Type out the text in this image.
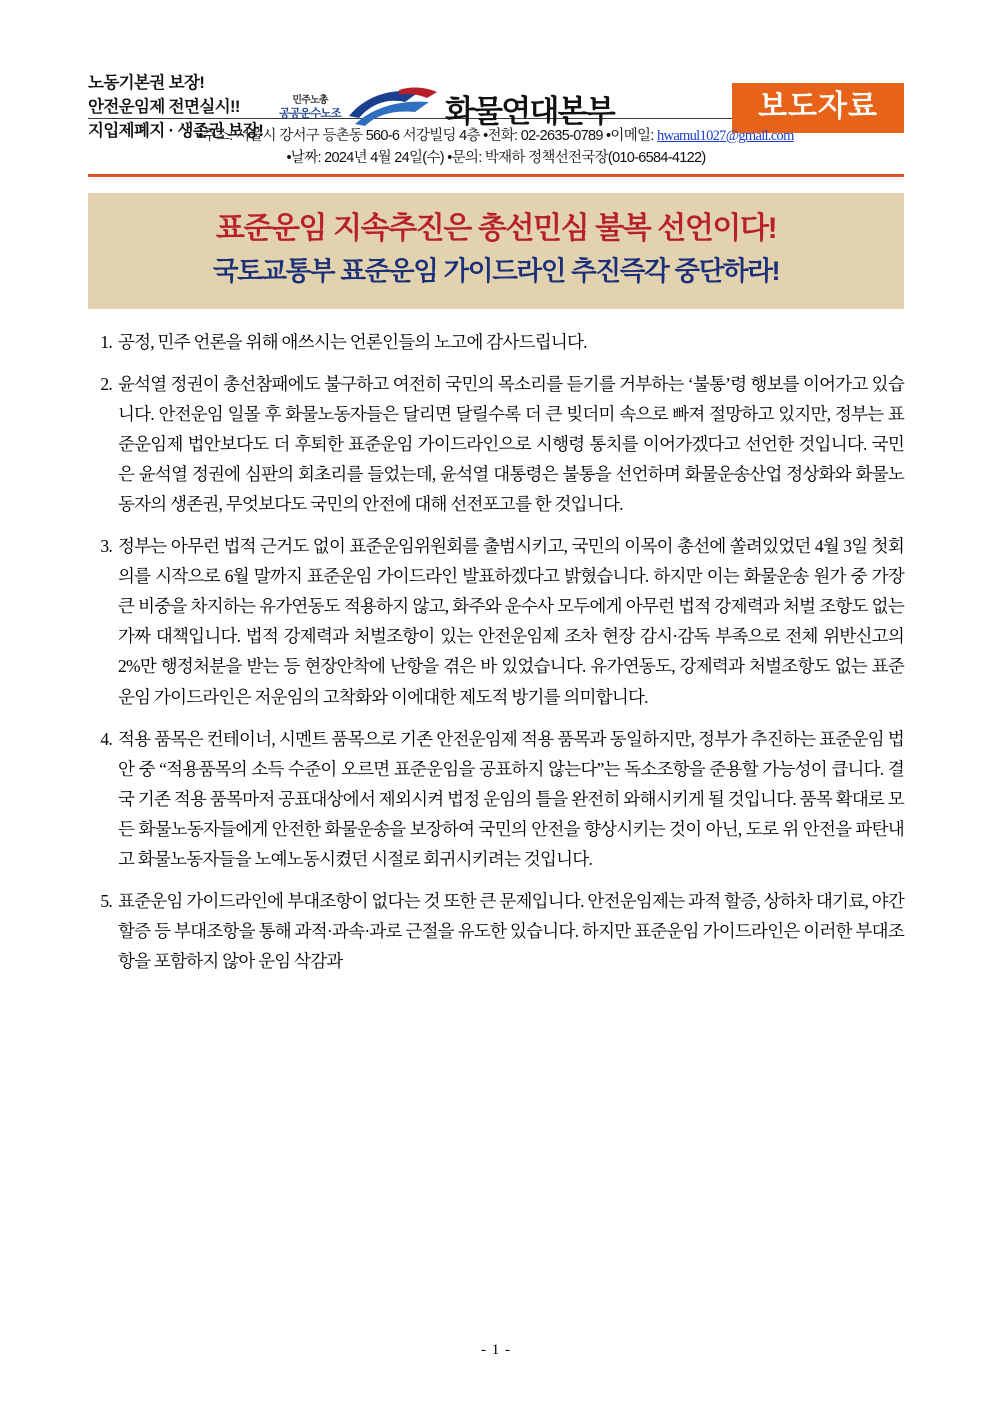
노동기본권 보장!
안전운임제 전면실시!!
지입제폐지 · 생존권 보장!
민주노총
공공운수노조	화물연대본부	보도자료
•주소: 서울시 강서구 등촌동 560-6 서강빌딩 4층 •전화: 02-2635-0789 •이메일: hwamul1027@gmail.com
•날짜: 2024년 4월 24일(수) •문의: 박재하 정책선전국장(010-6584-4122)
표준운임 지속추진은 총선민심 불복 선언이다!
국토교통부 표준운임 가이드라인 추진즉각 중단하라!
1. 공정, 민주 언론을 위해 애쓰시는 언론인들의 노고에 감사드립니다.
2. 윤석열 정권이 총선참패에도 불구하고 여전히 국민의 목소리를 듣기를 거부하는 ‘불통’령 행보를 이어가고 있습니다. 안전운임 일몰 후 화물노동자들은 달리면 달릴수록 더 큰 빚더미 속으로 빠져 절망하고 있지만, 정부는 표준운임제 법안보다도 더 후퇴한 표준운임 가이드라인으로 시행령 통치를 이어가겠다고 선언한 것입니다. 국민은 윤석열 정권에 심판의 회초리를 들었는데, 윤석열 대통령은 불통을 선언하며 화물운송산업 정상화와 화물노동자의 생존권, 무엇보다도 국민의 안전에 대해 선전포고를 한 것입니다.
3. 정부는 아무런 법적 근거도 없이 표준운임위원회를 출범시키고, 국민의 이목이 총선에 쏠려있었던 4월 3일 첫회의를 시작으로 6월 말까지 표준운임 가이드라인 발표하겠다고 밝혔습니다. 하지만 이는 화물운송 원가 중 가장 큰 비중을 차지하는 유가연동도 적용하지 않고, 화주와 운수사 모두에게 아무런 법적 강제력과 처벌 조항도 없는 가짜 대책입니다. 법적 강제력과 처벌조항이 있는 안전운임제 조차 현장 감시·감독 부족으로 전체 위반신고의 2%만 행정처분을 받는 등 현장안착에 난항을 겪은 바 있었습니다. 유가연동도, 강제력과 처벌조항도 없는 표준운임 가이드라인은 저운임의 고착화와 이에대한 제도적 방기를 의미합니다.
4. 적용 품목은 컨테이너, 시멘트 품목으로 기존 안전운임제 적용 품목과 동일하지만, 정부가 추진하는 표준운임 법안 중 “적용품목의 소득 수준이 오르면 표준운임을 공표하지 않는다”는 독소조항을 준용할 가능성이 큽니다. 결국 기존 적용 품목마저 공표대상에서 제외시켜 법정 운임의 틀을 완전히 와해시키게 될 것입니다. 품목 확대로 모든 화물노동자들에게 안전한 화물운송을 보장하여 국민의 안전을 향상시키는 것이 아닌, 도로 위 안전을 파탄내고 화물노동자들을 노예노동시켰던 시절로 회귀시키려는 것입니다.
5. 표준운임 가이드라인에 부대조항이 없다는 것 또한 큰 문제입니다. 안전운임제는 과적 할증, 상하차 대기료, 야간 할증 등 부대조항을 통해 과적·과속·과로 근절을 유도한 있습니다. 하지만 표준운임 가이드라인은 이러한 부대조항을 포함하지 않아 운임 삭감과
- 1 -
